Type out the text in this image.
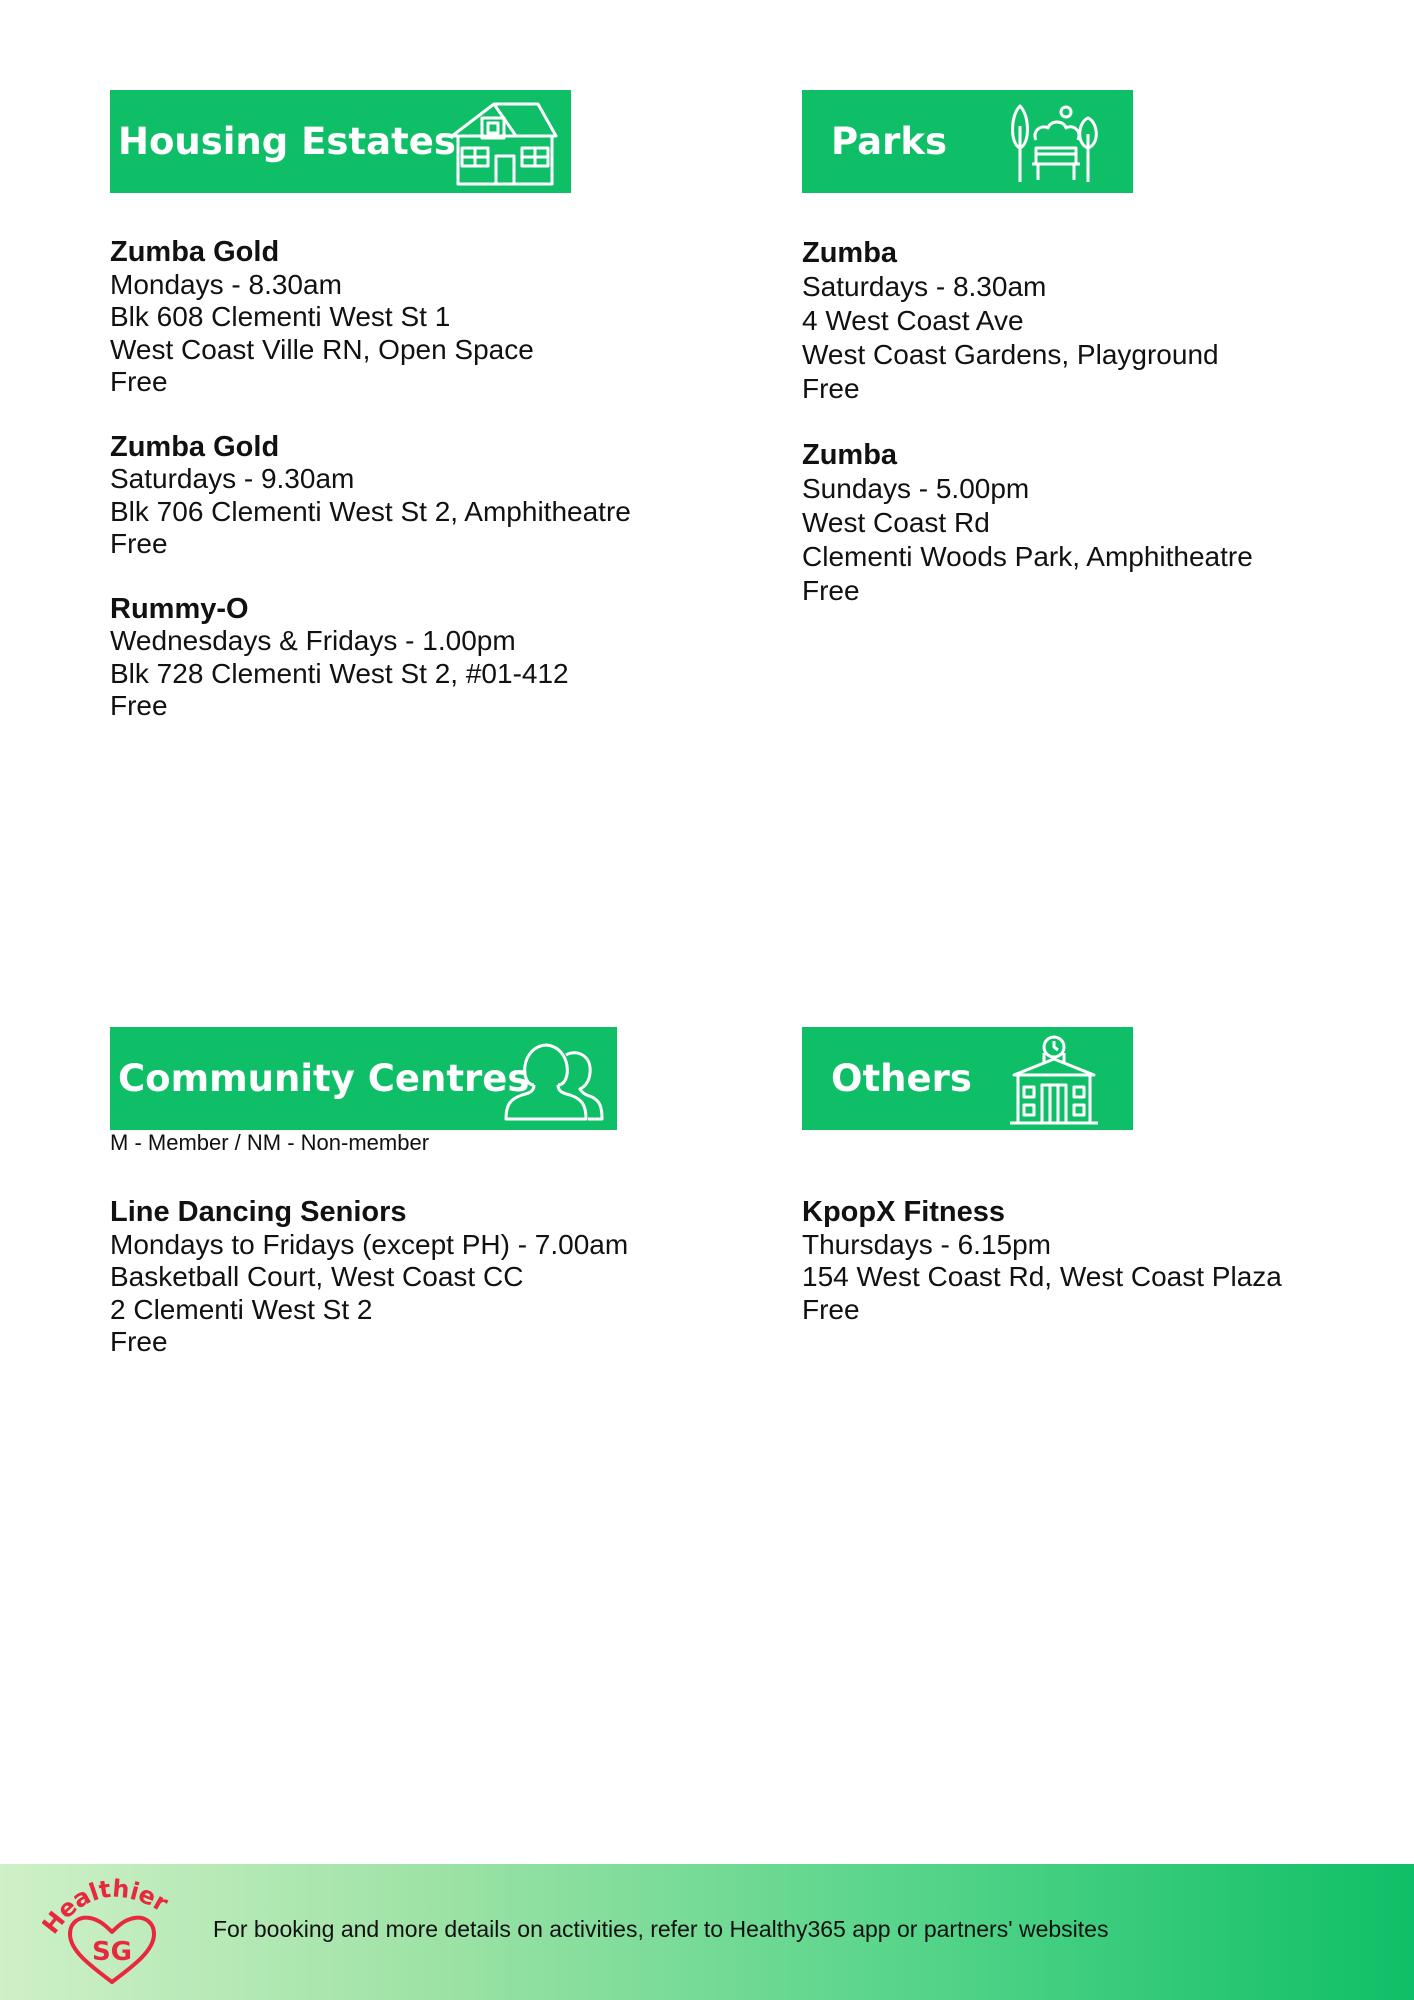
Housing Estates
Zumba Gold
Mondays - 8.30am
Blk 608 Clementi West St 1
West Coast Ville RN, Open Space
Free
Zumba Gold
Saturdays - 9.30am
Blk 706 Clementi West St 2, Amphitheatre
Free
Rummy-O
Wednesdays & Fridays - 1.00pm
Blk 728 Clementi West St 2, #01-412
Free
Parks
Zumba
Saturdays - 8.30am
4 West Coast Ave
West Coast Gardens, Playground
Free
Zumba
Sundays - 5.00pm
West Coast Rd
Clementi Woods Park, Amphitheatre
Free
Community Centres
M - Member / NM - Non-member
Line Dancing Seniors
Mondays to Fridays (except PH) - 7.00am
Basketball Court, West Coast CC
2 Clementi West St 2
Free
Others
KpopX Fitness
Thursdays - 6.15pm
154 West Coast Rd, West Coast Plaza
Free
ealthier
SG
For booking and more details on activities, refer to Healthy365 app or partners' websites
